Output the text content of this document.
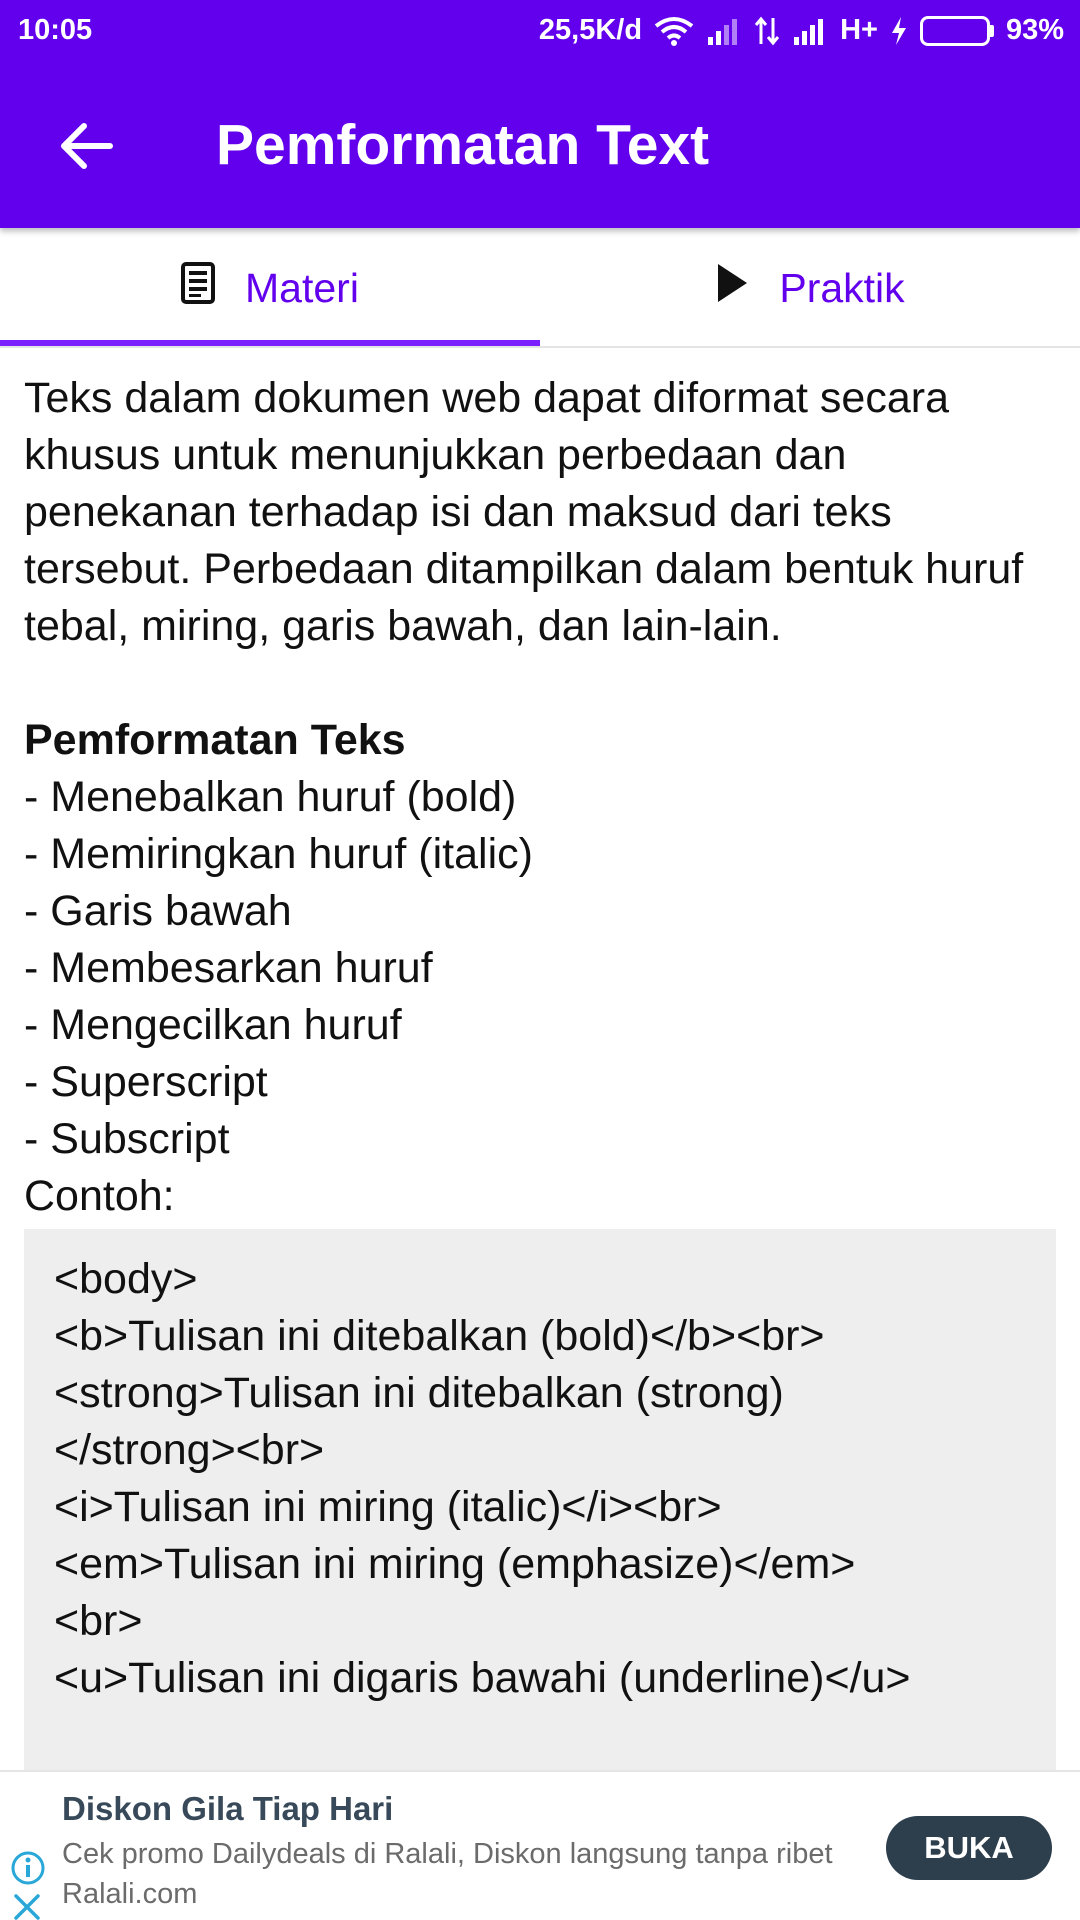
10:05	25,5K/d	H+	93%
Pemformatan Text
Materi	Praktik

Teks dalam dokumen web dapat diformat secara khusus untuk menunjukkan perbedaan dan penekanan terhadap isi dan maksud dari teks tersebut. Perbedaan ditampilkan dalam bentuk huruf tebal, miring, garis bawah, dan lain-lain.

Pemformatan Teks
- Menebalkan huruf (bold)
- Memiringkan huruf (italic)
- Garis bawah
- Membesarkan huruf
- Mengecilkan huruf
- Superscript
- Subscript
Contoh:
<body>
<b>Tulisan ini ditebalkan (bold)</b><br>
<strong>Tulisan ini ditebalkan (strong)
</strong><br>
<i>Tulisan ini miring (italic)</i><br>
<em>Tulisan ini miring (emphasize)</em>
<br>
<u>Tulisan ini digaris bawahi (underline)</u>
Diskon Gila Tiap Hari
Cek promo Dailydeals di Ralali, Diskon langsung tanpa ribet
Ralali.com
BUKA
